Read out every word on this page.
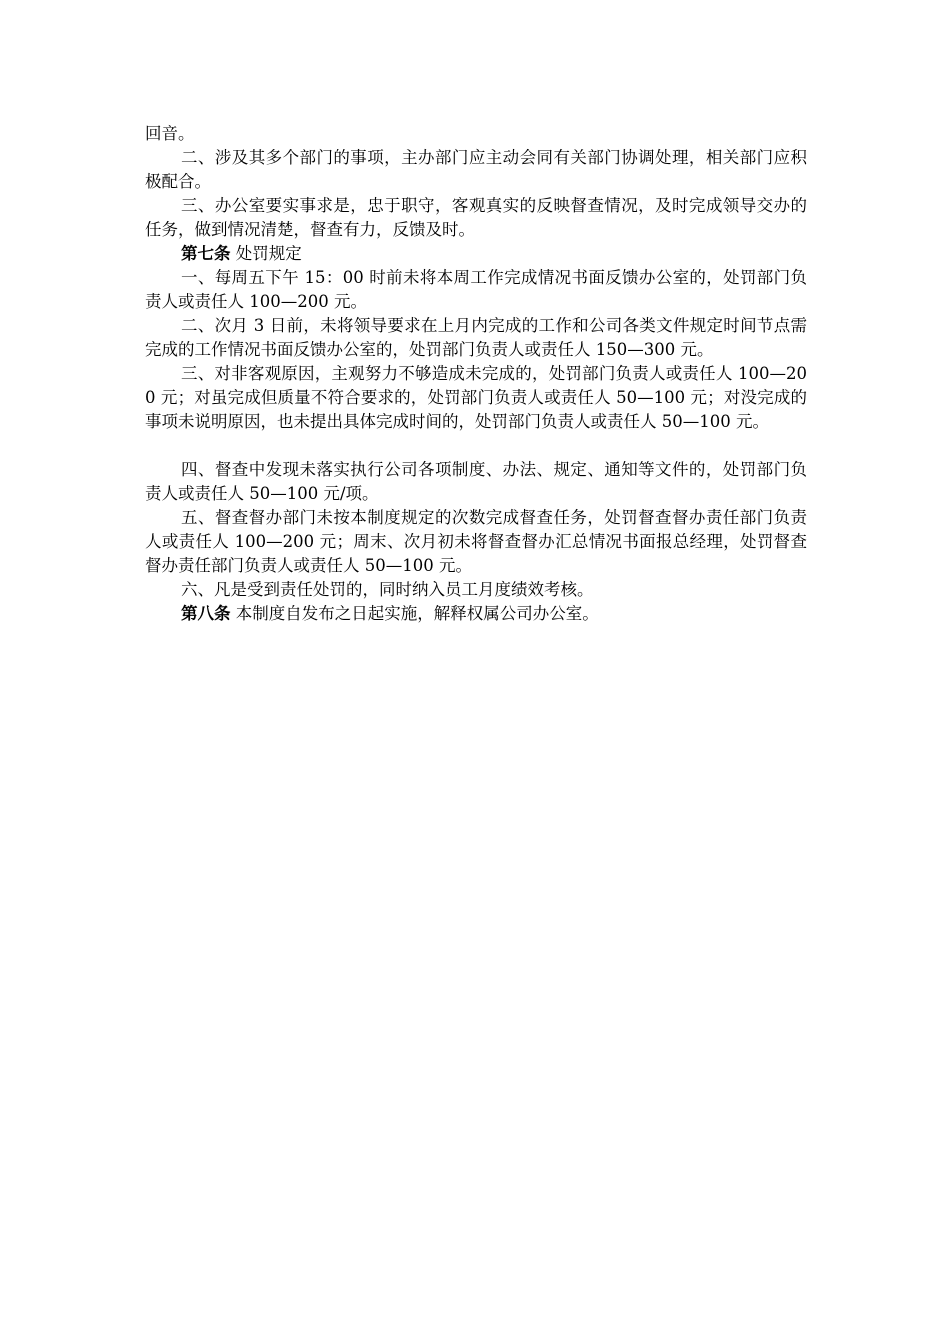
回音。

二、涉及其多个部门的事项，主办部门应主动会同有关部门协调处理，相关部门应积极配合。

三、办公室要实事求是，忠于职守，客观真实的反映督查情况，及时完成领导交办的任务，做到情况清楚，督查有力，反馈及时。

第七条 处罚规定

一、每周五下午 15：00 时前未将本周工作完成情况书面反馈办公室的，处罚部门负责人或责任人 100—200 元。

二、次月 3 日前，未将领导要求在上月内完成的工作和公司各类文件规定时间节点需完成的工作情况书面反馈办公室的，处罚部门负责人或责任人 150—300 元。

三、对非客观原因，主观努力不够造成未完成的，处罚部门负责人或责任人 100—200 元；对虽完成但质量不符合要求的，处罚部门负责人或责任人 50—100 元；对没完成的事项未说明原因，也未提出具体完成时间的，处罚部门负责人或责任人 50—100 元。

四、督查中发现未落实执行公司各项制度、办法、规定、通知等文件的，处罚部门负责人或责任人 50—100 元/项。

五、督查督办部门未按本制度规定的次数完成督查任务，处罚督查督办责任部门负责人或责任人 100—200 元；周末、次月初未将督查督办汇总情况书面报总经理，处罚督查督办责任部门负责人或责任人 50—100 元。

六、凡是受到责任处罚的，同时纳入员工月度绩效考核。

第八条 本制度自发布之日起实施，解释权属公司办公室。
